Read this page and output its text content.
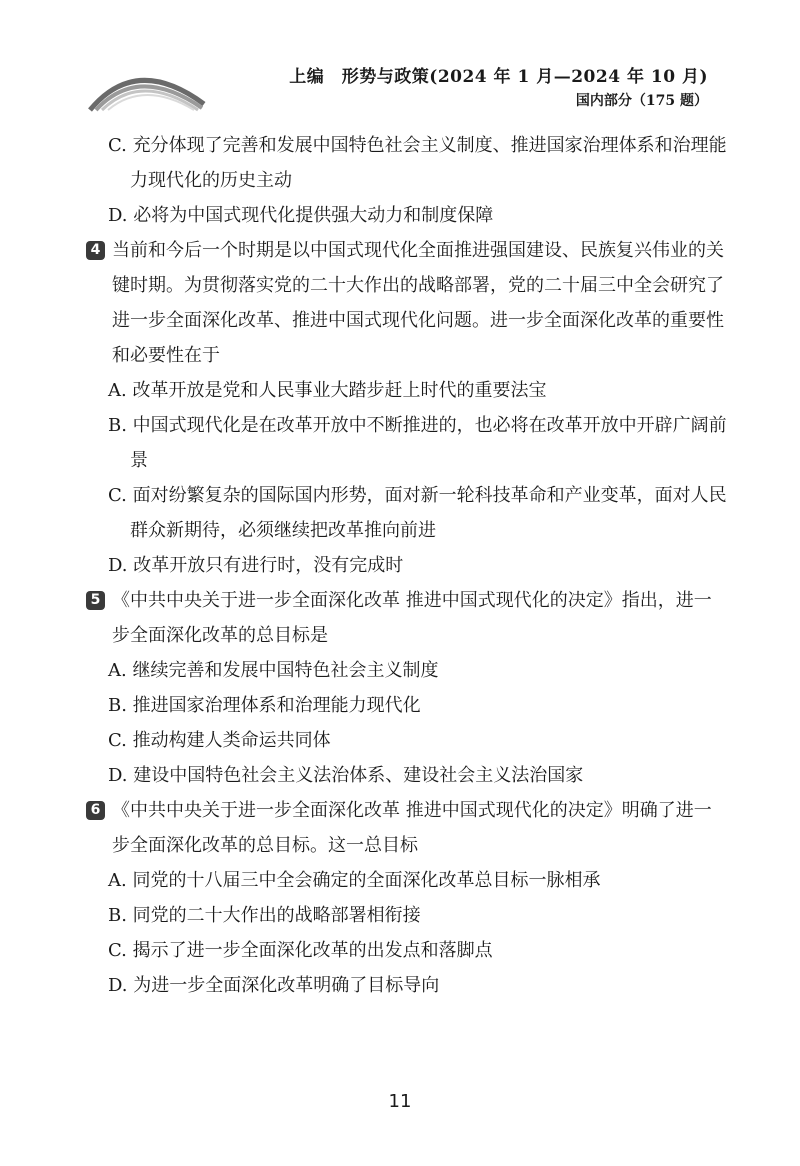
上编　形势与政策(2024 年 1 月—2024 年 10 月)
国内部分（175 题）
C. 充分体现了完善和发展中国特色社会主义制度、推进国家治理体系和治理能力现代化的历史主动
D. 必将为中国式现代化提供强大动力和制度保障
4 当前和今后一个时期是以中国式现代化全面推进强国建设、民族复兴伟业的关键时期。为贯彻落实党的二十大作出的战略部署，党的二十届三中全会研究了进一步全面深化改革、推进中国式现代化问题。进一步全面深化改革的重要性和必要性在于
A. 改革开放是党和人民事业大踏步赶上时代的重要法宝
B. 中国式现代化是在改革开放中不断推进的，也必将在改革开放中开辟广阔前景
C. 面对纷繁复杂的国际国内形势，面对新一轮科技革命和产业变革，面对人民群众新期待，必须继续把改革推向前进
D. 改革开放只有进行时，没有完成时
5 《中共中央关于进一步全面深化改革 推进中国式现代化的决定》指出，进一步全面深化改革的总目标是
A. 继续完善和发展中国特色社会主义制度
B. 推进国家治理体系和治理能力现代化
C. 推动构建人类命运共同体
D. 建设中国特色社会主义法治体系、建设社会主义法治国家
6 《中共中央关于进一步全面深化改革 推进中国式现代化的决定》明确了进一步全面深化改革的总目标。这一总目标
A. 同党的十八届三中全会确定的全面深化改革总目标一脉相承
B. 同党的二十大作出的战略部署相衔接
C. 揭示了进一步全面深化改革的出发点和落脚点
D. 为进一步全面深化改革明确了目标导向
11
